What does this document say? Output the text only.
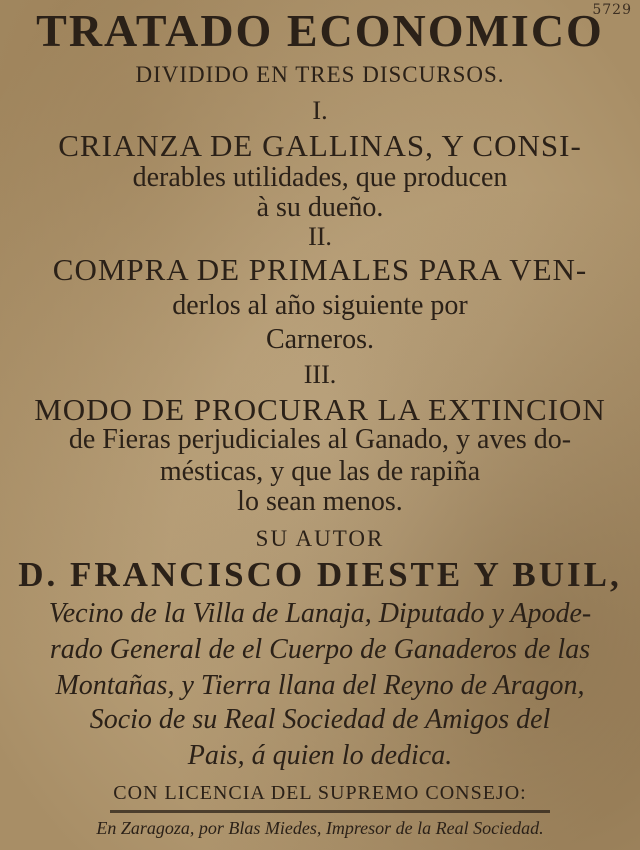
5729
TRATADO ECONOMICO
DIVIDIDO EN TRES DISCURSOS.
I.
CRIANZA DE GALLINAS, Y CONSI-
derables utilidades, que producen
à su dueño.
II.
COMPRA DE PRIMALES PARA VEN-
derlos al año siguiente por
Carneros.
III.
MODO DE PROCURAR LA EXTINCION
de Fieras perjudiciales al Ganado, y aves do-
mésticas, y que las de rapiña
lo sean menos.
SU AUTOR
D. FRANCISCO DIESTE Y BUIL,
Vecino de la Villa de Lanaja, Diputado y Apode-
rado General de el Cuerpo de Ganaderos de las
Montañas, y Tierra llana del Reyno de Aragon,
Socio de su Real Sociedad de Amigos del
Pais, á quien lo dedica.
CON LICENCIA DEL SUPREMO CONSEJO:
En Zaragoza, por Blas Miedes, Impresor de la Real Sociedad.
